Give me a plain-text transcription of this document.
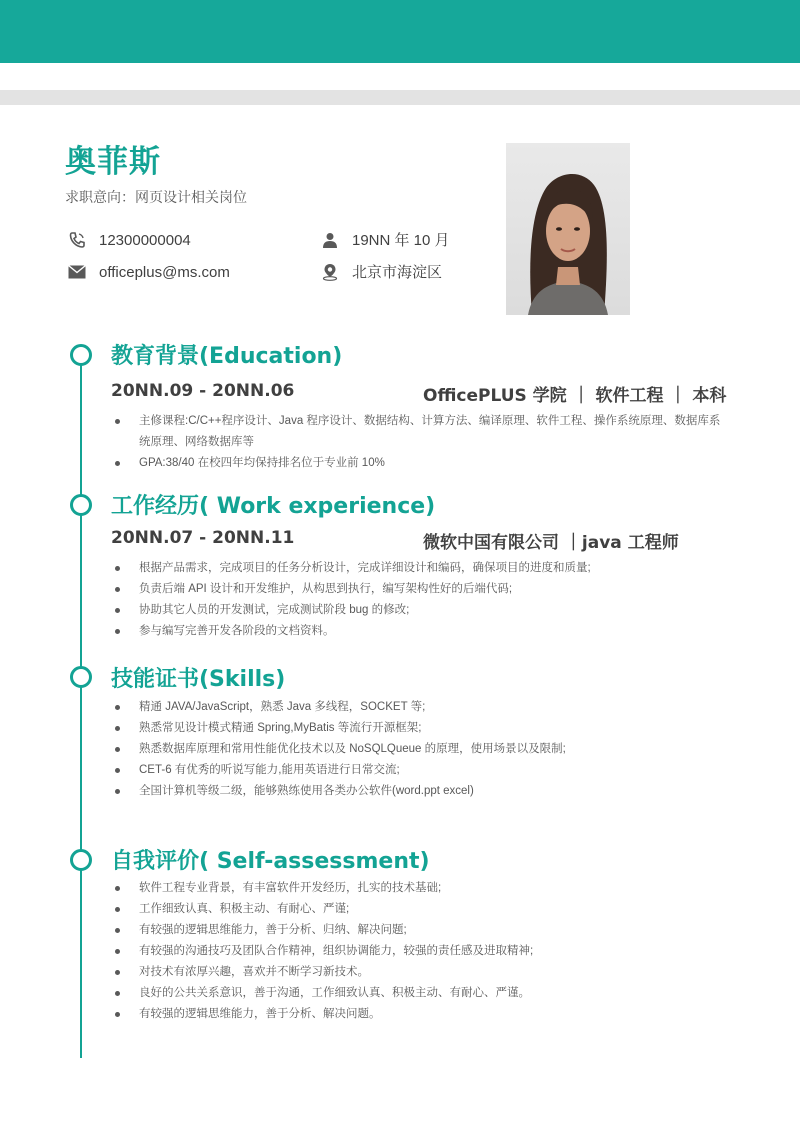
奥菲斯
求职意向：网页设计相关岗位
12300000004
officeplus@ms.com
19NN 年 10 月
北京市海淀区
教育背景(Education)
20NN.09 - 20NN.06	OfficePLUS 学院 ｜ 软件工程 ｜ 本科
主修课程:C/C++程序设计、Java 程序设计、数据结构、计算方法、编译原理、软件工程、操作系统原理、数据库系统原理、网络数据库等
GPA:38/40 在校四年均保持排名位于专业前 10%
工作经历( Work experience)
20NN.07 - 20NN.11	微软中国有限公司 ｜java 工程师
根据产品需求，完成项目的任务分析设计，完成详细设计和编码，确保项目的进度和质量;
负责后端 API 设计和开发维护，从构思到执行，编写架构性好的后端代码;
协助其它人员的开发测试，完成测试阶段 bug 的修改;
参与编写完善开发各阶段的文档资料。
技能证书(Skills)
精通 JAVA/JavaScript，熟悉 Java 多线程，SOCKET 等;
熟悉常见设计模式精通 Spring,MyBatis 等流行开源框架;
熟悉数据库原理和常用性能优化技术以及 NoSQLQueue 的原理，使用场景以及限制;
CET-6 有优秀的听说写能力,能用英语进行日常交流;
全国计算机等级二级，能够熟练使用各类办公软件(word.ppt excel)
自我评价( Self-assessment)
软件工程专业背景，有丰富软件开发经历，扎实的技术基础;
工作细致认真、积极主动、有耐心、严谨;
有较强的逻辑思维能力，善于分析、归纳、解决问题;
有较强的沟通技巧及团队合作精神，组织协调能力，较强的责任感及进取精神;
对技术有浓厚兴趣，喜欢并不断学习新技术。
良好的公共关系意识，善于沟通，工作细致认真、积极主动、有耐心、严谨。
有较强的逻辑思维能力，善于分析、解决问题。
